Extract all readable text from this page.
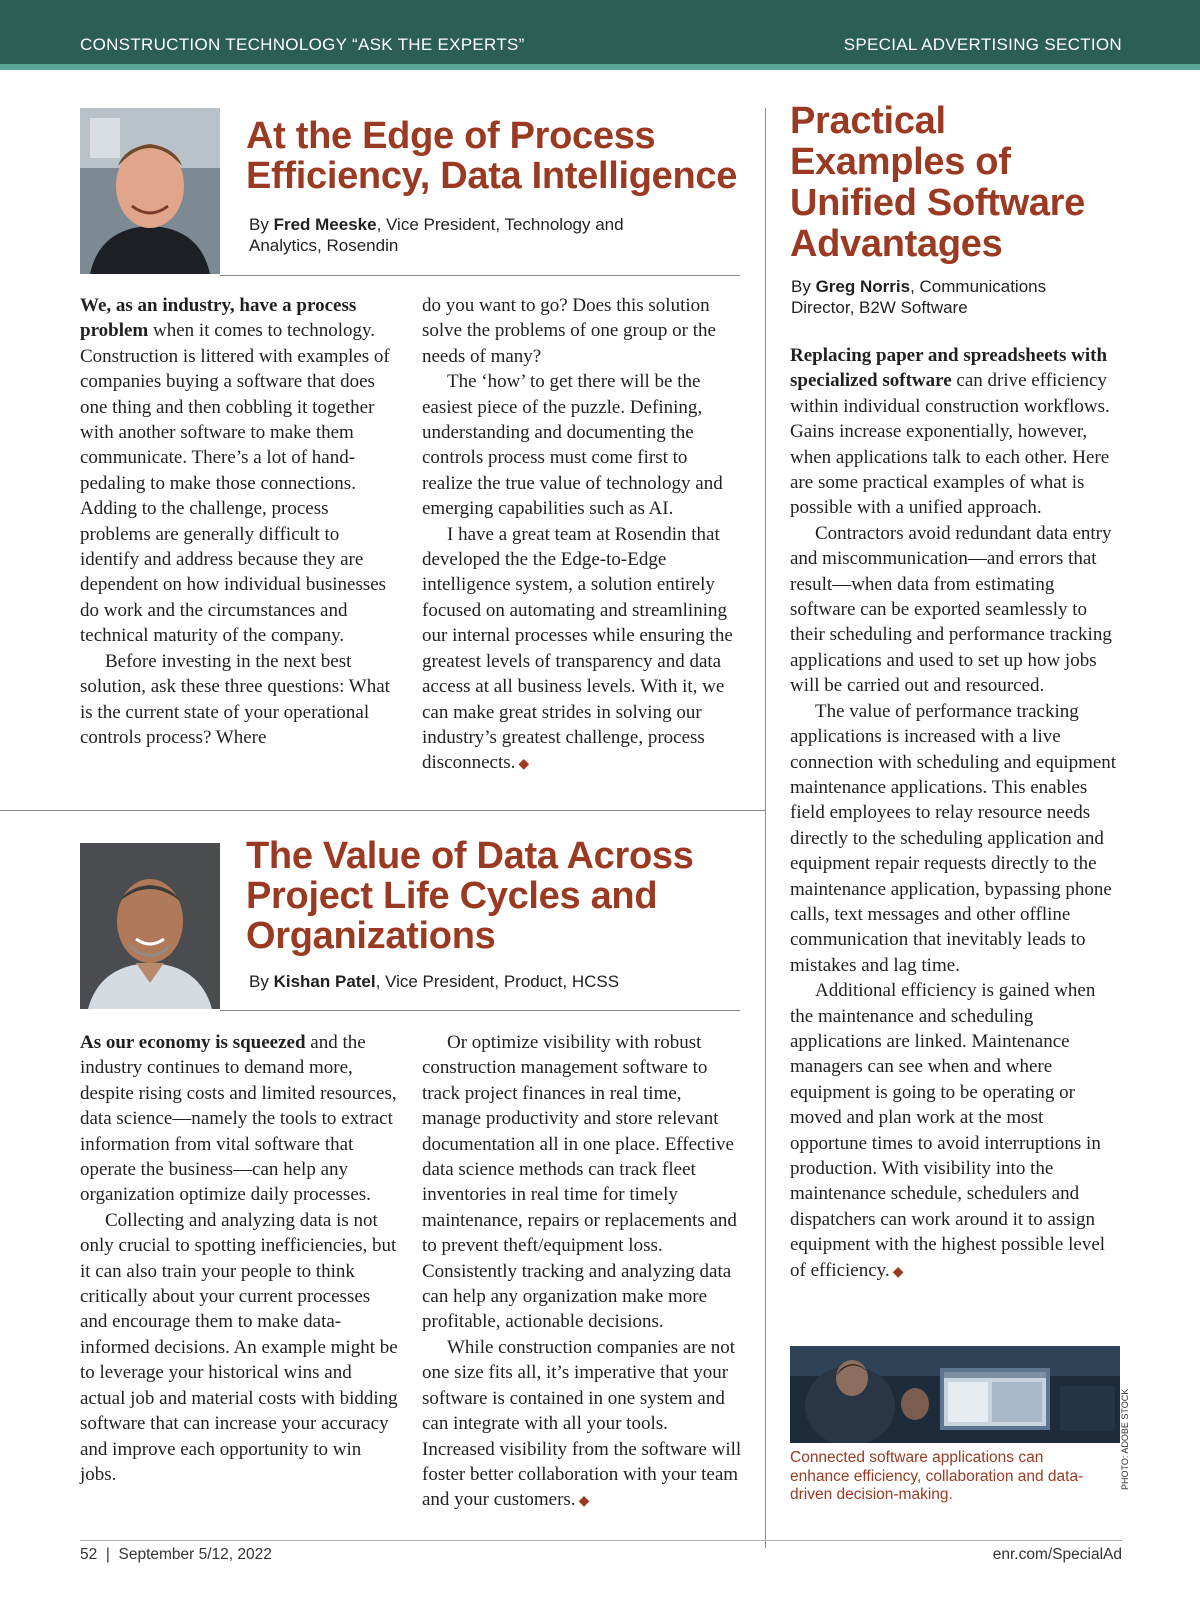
CONSTRUCTION TECHNOLOGY “ASK THE EXPERTS”	SPECIAL ADVERTISING SECTION
At the Edge of Process Efficiency, Data Intelligence

By Fred Meeske, Vice President, Technology and Analytics, Rosendin

We, as an industry, have a process problem when it comes to technology. Construction is littered with examples of companies buying a software that does one thing and then cobbling it together with another software to make them communicate. There’s a lot of hand-pedaling to make those connections. Adding to the challenge, process problems are generally difficult to identify and address because they are dependent on how individual businesses do work and the circumstances and technical maturity of the company.

Before investing in the next best solution, ask these three questions: What is the current state of your operational controls process? Where

do you want to go? Does this solution solve the problems of one group or the needs of many?

The ‘how’ to get there will be the easiest piece of the puzzle. Defining, understanding and documenting the controls process must come first to realize the true value of technology and emerging capabilities such as AI.

I have a great team at Rosendin that developed the the Edge-to-Edge intelligence system, a solution entirely focused on automating and streamlining our internal processes while ensuring the greatest levels of transparency and data access at all business levels. With it, we can make great strides in solving our industry’s greatest challenge, process disconnects. ◆

The Value of Data Across Project Life Cycles and Organizations

By Kishan Patel, Vice President, Product, HCSS

As our economy is squeezed and the industry continues to demand more, despite rising costs and limited resources, data science—namely the tools to extract information from vital software that operate the business—can help any organization optimize daily processes.

Collecting and analyzing data is not only crucial to spotting inefficiencies, but it can also train your people to think critically about your current processes and encourage them to make data-informed decisions. An example might be to leverage your historical wins and actual job and material costs with bidding software that can increase your accuracy and improve each opportunity to win jobs.

Or optimize visibility with robust construction management software to track project finances in real time, manage productivity and store relevant documentation all in one place. Effective data science methods can track fleet inventories in real time for timely maintenance, repairs or replacements and to prevent theft/equipment loss. Consistently tracking and analyzing data can help any organization make more profitable, actionable decisions.

While construction companies are not one size fits all, it’s imperative that your software is contained in one system and can integrate with all your tools. Increased visibility from the software will foster better collaboration with your team and your customers. ◆

Practical Examples of Unified Software Advantages

By Greg Norris, Communications Director, B2W Software

Replacing paper and spreadsheets with specialized software can drive efficiency within individual construction workflows. Gains increase exponentially, however, when applications talk to each other. Here are some practical examples of what is possible with a unified approach.

Contractors avoid redundant data entry and miscommunication—and errors that result—when data from estimating software can be exported seamlessly to their scheduling and performance tracking applications and used to set up how jobs will be carried out and resourced.

The value of performance tracking applications is increased with a live connection with scheduling and equipment maintenance applications. This enables field employees to relay resource needs directly to the scheduling application and equipment repair requests directly to the maintenance application, bypassing phone calls, text messages and other offline communication that inevitably leads to mistakes and lag time.

Additional efficiency is gained when the maintenance and scheduling applications are linked. Maintenance managers can see when and where equipment is going to be operating or moved and plan work at the most opportune times to avoid interruptions in production. With visibility into the maintenance schedule, schedulers and dispatchers can work around it to assign equipment with the highest possible level of efficiency. ◆

Connected software applications can enhance efficiency, collaboration and data-driven decision-making.
PHOTO: ADOBE STOCK
52  |  September 5/12, 2022	enr.com/SpecialAd
